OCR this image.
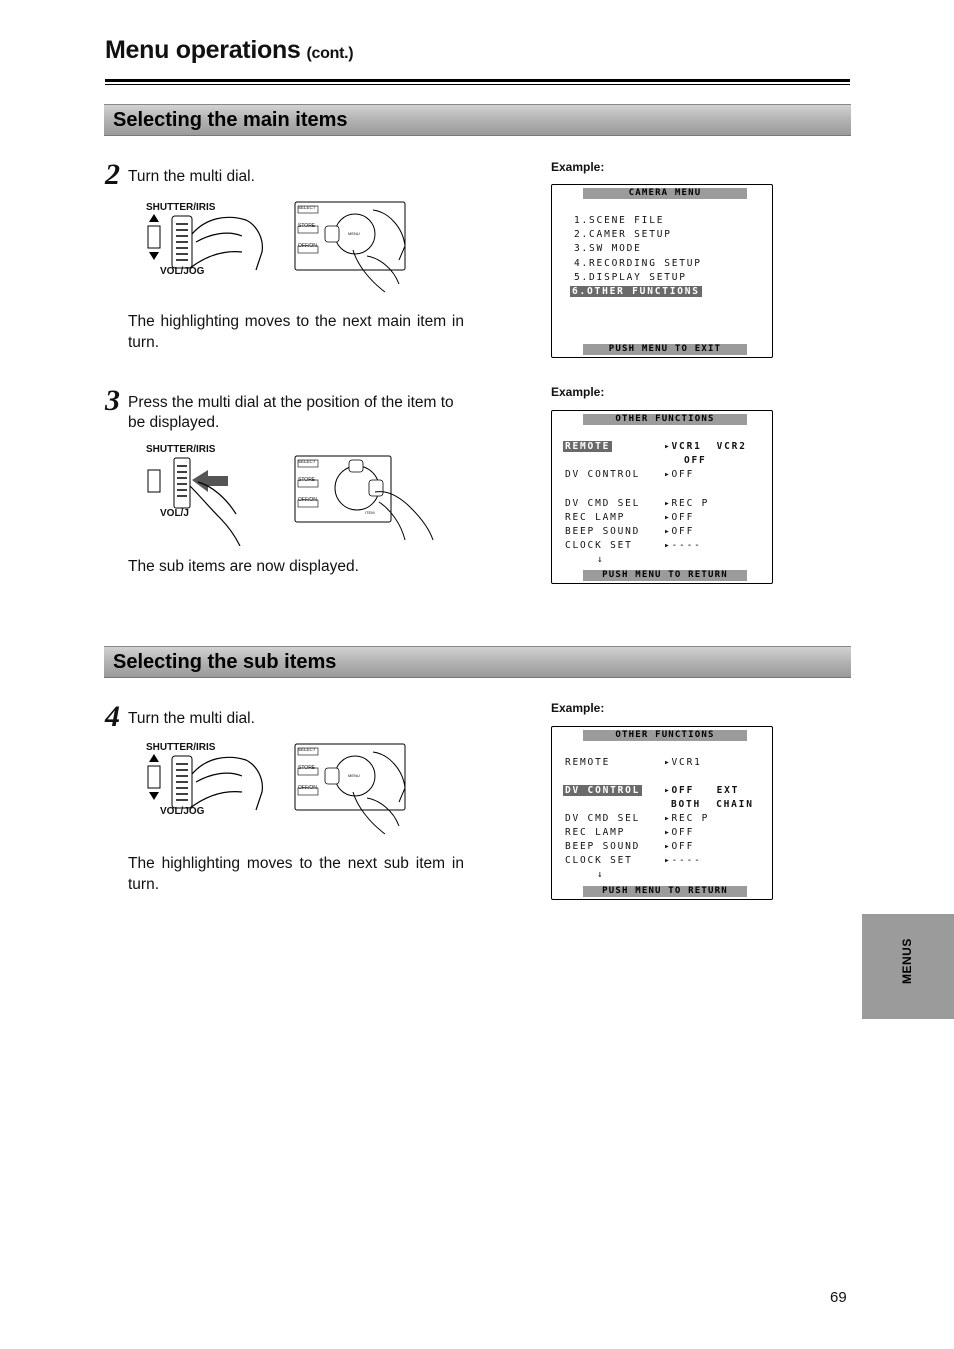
Menu operations (cont.)
Selecting the main items
2 Turn the multi dial.
SHUTTER/IRIS
VOL/JOG
SELECT
STORE
OFF/ON
MENU
The highlighting moves to the next main item in turn.
3 Press the multi dial at the position of the item to be displayed.
SHUTTER/IRIS
VOL/J
SELECT
STORE
OFF/ON
ITEM
The sub items are now displayed.
Example:
CAMERA MENU
1.SCENE FILE
2.CAMER SETUP
3.SW MODE
4.RECORDING SETUP
5.DISPLAY SETUP
6.OTHER FUNCTIONS
PUSH MENU TO EXIT
Example:
OTHER FUNCTIONS
REMOTE	▸VCR1  VCR2
OFF
DV CONTROL	▸OFF
DV CMD SEL	▸REC P
REC LAMP	▸OFF
BEEP SOUND	▸OFF
CLOCK SET	▸----
↓
PUSH MENU TO RETURN
Selecting the sub items
4 Turn the multi dial.
SHUTTER/IRIS
VOL/JOG
SELECT
STORE
OFF/ON
MENU
The highlighting moves to the next sub item in turn.
Example:
OTHER FUNCTIONS
REMOTE	▸VCR1
DV CONTROL	▸OFF   EXT
BOTH  CHAIN
DV CMD SEL	▸REC P
REC LAMP	▸OFF
BEEP SOUND	▸OFF
CLOCK SET	▸----
↓
PUSH MENU TO RETURN
MENUS
69
